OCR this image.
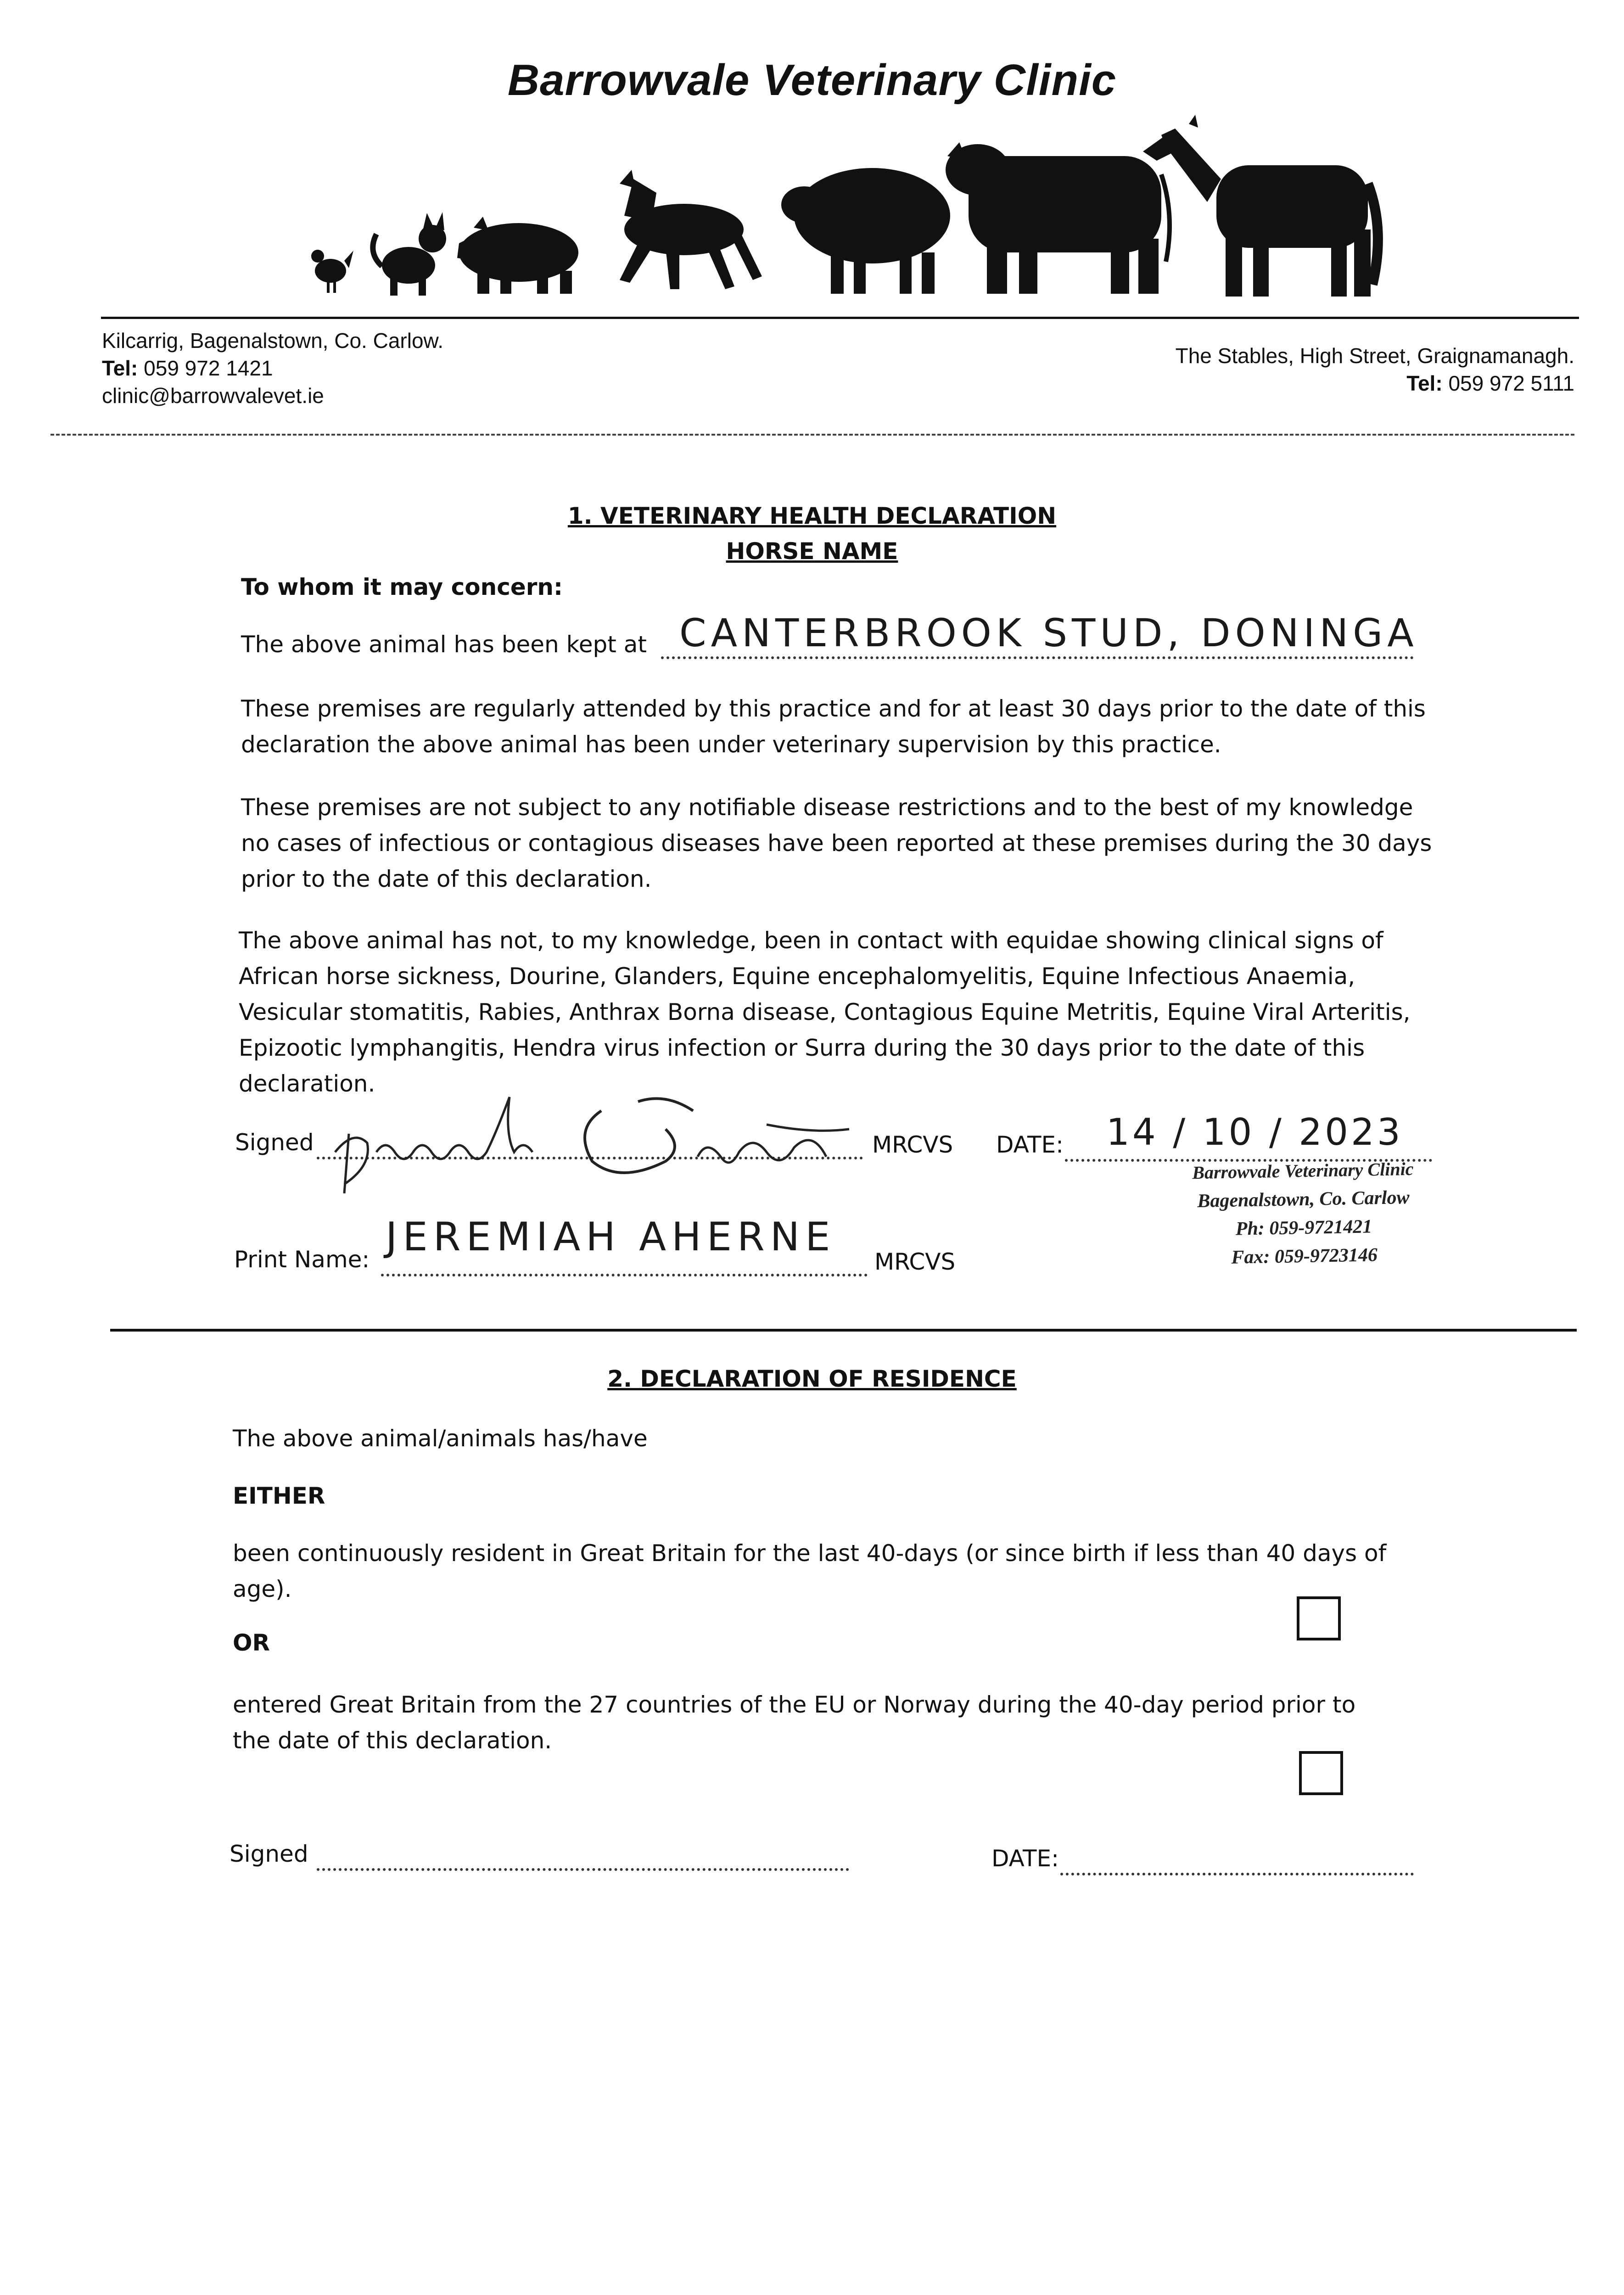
Barrowvale Veterinary Clinic
Kilcarrig, Bagenalstown, Co. Carlow.
Tel: 059 972 1421
clinic@barrowvalevet.ie
The Stables, High Street, Graignamanagh.
Tel: 059 972 5111
1. VETERINARY HEALTH DECLARATION
HORSE NAME
To whom it may concern:
The above animal has been kept at CANTERBROOK STUD, DONINGA
These premises are regularly attended by this practice and for at least 30 days prior to the date of this
declaration the above animal has been under veterinary supervision by this practice.
These premises are not subject to any notifiable disease restrictions and to the best of my knowledge
no cases of infectious or contagious diseases have been reported at these premises during the 30 days
prior to the date of this declaration.
The above animal has not, to my knowledge, been in contact with equidae showing clinical signs of
African horse sickness, Dourine, Glanders, Equine encephalomyelitis, Equine Infectious Anaemia,
Vesicular stomatitis, Rabies, Anthrax Borna disease, Contagious Equine Metritis, Equine Viral Arteritis,
Epizootic lymphangitis, Hendra virus infection or Surra during the 30 days prior to the date of this
declaration.
Signed	MRCVS DATE: 14 / 10 / 2023
Barrowvale Veterinary Clinic
Bagenalstown, Co. Carlow
Ph: 059-9721421
Fax: 059-9723146
Print Name: JEREMIAH AHERNE
MRCVS
2. DECLARATION OF RESIDENCE
The above animal/animals has/have
EITHER
been continuously resident in Great Britain for the last 40-days (or since birth if less than 40 days of
age).
OR
entered Great Britain from the 27 countries of the EU or Norway during the 40-day period prior to
the date of this declaration.
Signed	DATE:
